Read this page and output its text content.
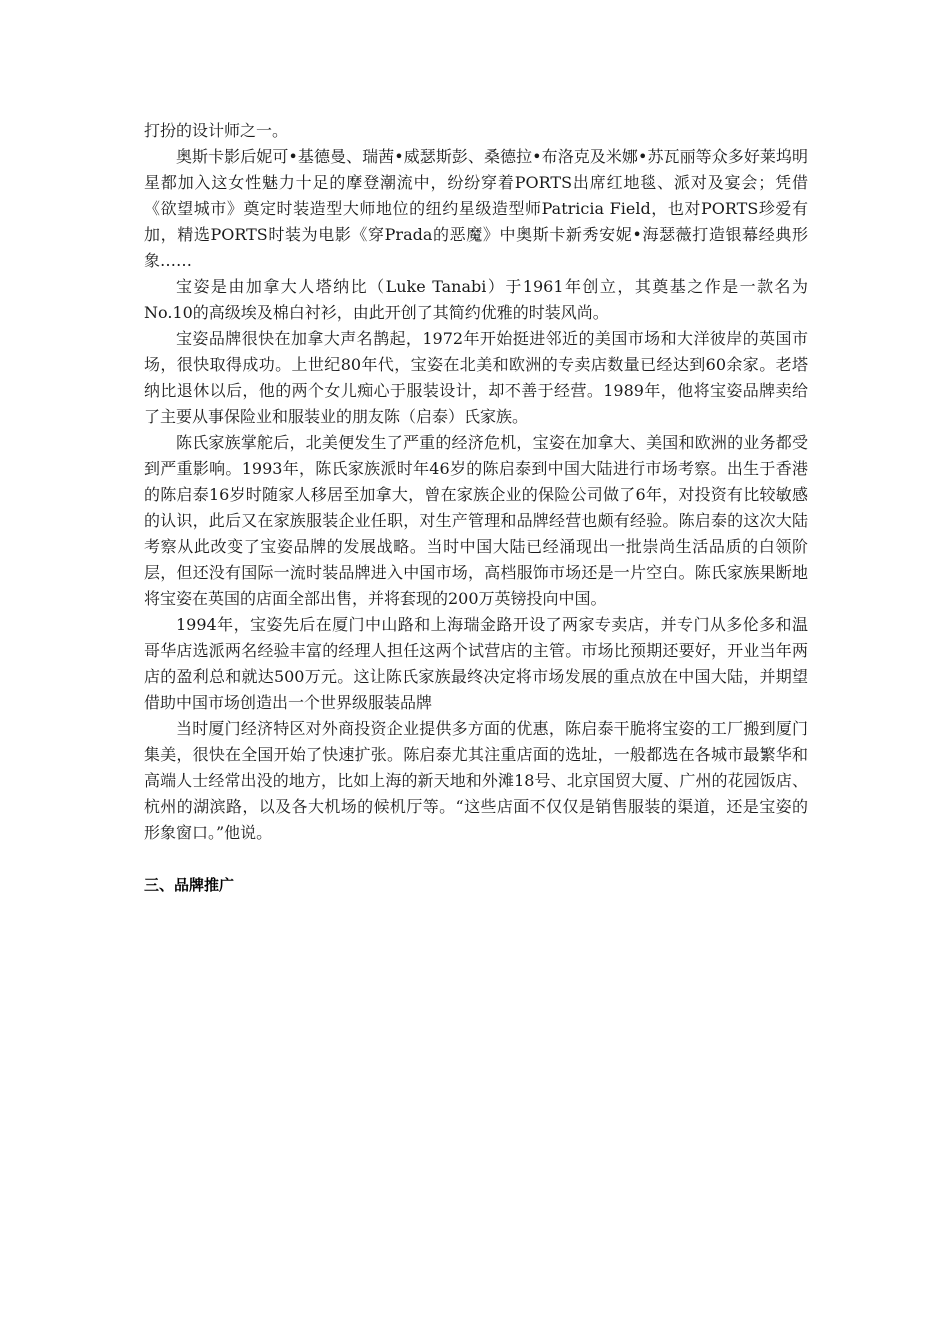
打扮的设计师之一。

奥斯卡影后妮可•基德曼、瑞茜•威瑟斯彭、桑德拉•布洛克及米娜•苏瓦丽等众多好莱坞明星都加入这女性魅力十足的摩登潮流中，纷纷穿着PORTS出席红地毯、派对及宴会；凭借《欲望城市》奠定时装造型大师地位的纽约星级造型师Patricia Field，也对PORTS珍爱有加，精选PORTS时装为电影《穿Prada的恶魔》中奥斯卡新秀安妮•海瑟薇打造银幕经典形象……

宝姿是由加拿大人塔纳比（Luke Tanabi）于1961年创立，其奠基之作是一款名为No.10的高级埃及棉白衬衫，由此开创了其简约优雅的时装风尚。

宝姿品牌很快在加拿大声名鹊起，1972年开始挺进邻近的美国市场和大洋彼岸的英国市场，很快取得成功。上世纪80年代，宝姿在北美和欧洲的专卖店数量已经达到60余家。老塔纳比退休以后，他的两个女儿痴心于服装设计，却不善于经营。1989年，他将宝姿品牌卖给了主要从事保险业和服装业的朋友陈（启泰）氏家族。

陈氏家族掌舵后，北美便发生了严重的经济危机，宝姿在加拿大、美国和欧洲的业务都受到严重影响。1993年，陈氏家族派时年46岁的陈启泰到中国大陆进行市场考察。出生于香港的陈启泰16岁时随家人移居至加拿大，曾在家族企业的保险公司做了6年，对投资有比较敏感的认识，此后又在家族服装企业任职，对生产管理和品牌经营也颇有经验。陈启泰的这次大陆考察从此改变了宝姿品牌的发展战略。当时中国大陆已经涌现出一批崇尚生活品质的白领阶层，但还没有国际一流时装品牌进入中国市场，高档服饰市场还是一片空白。陈氏家族果断地将宝姿在英国的店面全部出售，并将套现的200万英镑投向中国。

1994年，宝姿先后在厦门中山路和上海瑞金路开设了两家专卖店，并专门从多伦多和温哥华店选派两名经验丰富的经理人担任这两个试营店的主管。市场比预期还要好，开业当年两店的盈利总和就达500万元。这让陈氏家族最终决定将市场发展的重点放在中国大陆，并期望借助中国市场创造出一个世界级服装品牌

当时厦门经济特区对外商投资企业提供多方面的优惠，陈启泰干脆将宝姿的工厂搬到厦门集美，很快在全国开始了快速扩张。陈启泰尤其注重店面的选址，一般都选在各城市最繁华和高端人士经常出没的地方，比如上海的新天地和外滩18号、北京国贸大厦、广州的花园饭店、杭州的湖滨路，以及各大机场的候机厅等。“这些店面不仅仅是销售服装的渠道，还是宝姿的形象窗口。”他说。

三、品牌推广
